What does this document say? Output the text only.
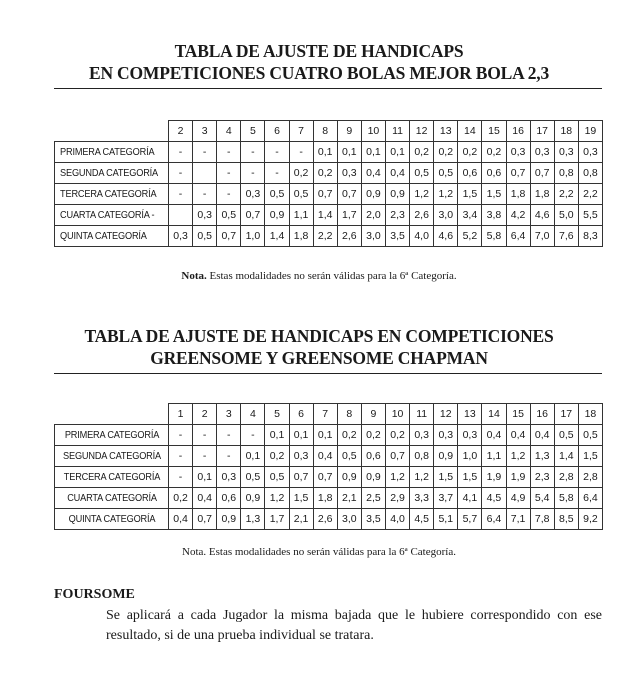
TABLA DE AJUSTE DE HANDICAPS
EN COMPETICIONES CUATRO BOLAS MEJOR BOLA 2,3
	2	3	4	5	6	7	8	9	10	11	12	13	14	15	16	17	18	19
PRIMERA CATEGORÍA	-	-	-	-	-	-	0,1	0,1	0,1	0,1	0,2	0,2	0,2	0,2	0,3	0,3	0,3	0,3
SEGUNDA CATEGORÍA	-		-	-	-	0,2	0,2	0,3	0,4	0,4	0,5	0,5	0,6	0,6	0,7	0,7	0,8	0,8
TERCERA CATEGORÍA	-	-	-	0,3	0,5	0,5	0,7	0,7	0,9	0,9	1,2	1,2	1,5	1,5	1,8	1,8	2,2	2,2
CUARTA CATEGORÍA -		0,3	0,5	0,7	0,9	1,1	1,4	1,7	2,0	2,3	2,6	3,0	3,4	3,8	4,2	4,6	5,0	5,5
QUINTA CATEGORÍA	0,3	0,5	0,7	1,0	1,4	1,8	2,2	2,6	3,0	3,5	4,0	4,6	5,2	5,8	6,4	7,0	7,6	8,3
Nota. Estas modalidades no serán válidas para la 6ª Categoría.
TABLA DE AJUSTE DE HANDICAPS EN COMPETICIONES
GREENSOME Y GREENSOME CHAPMAN
	1	2	3	4	5	6	7	8	9	10	11	12	13	14	15	16	17	18
PRIMERA CATEGORÍA	-	-	-	-	0,1	0,1	0,1	0,2	0,2	0,2	0,3	0,3	0,3	0,4	0,4	0,4	0,5	0,5
SEGUNDA CATEGORÍA	-	-	-	0,1	0,2	0,3	0,4	0,5	0,6	0,7	0,8	0,9	1,0	1,1	1,2	1,3	1,4	1,5
TERCERA CATEGORÍA	-	0,1	0,3	0,5	0,5	0,7	0,7	0,9	0,9	1,2	1,2	1,5	1,5	1,9	1,9	2,3	2,8	2,8
CUARTA CATEGORÍA	0,2	0,4	0,6	0,9	1,2	1,5	1,8	2,1	2,5	2,9	3,3	3,7	4,1	4,5	4,9	5,4	5,8	6,4
QUINTA CATEGORÍA	0,4	0,7	0,9	1,3	1,7	2,1	2,6	3,0	3,5	4,0	4,5	5,1	5,7	6,4	7,1	7,8	8,5	9,2
Nota. Estas modalidades no serán válidas para la 6ª Categoría.
FOURSOME
Se aplicará a cada Jugador la misma bajada que le hubiere correspondido con ese resultado, si de una prueba individual se tratara.
